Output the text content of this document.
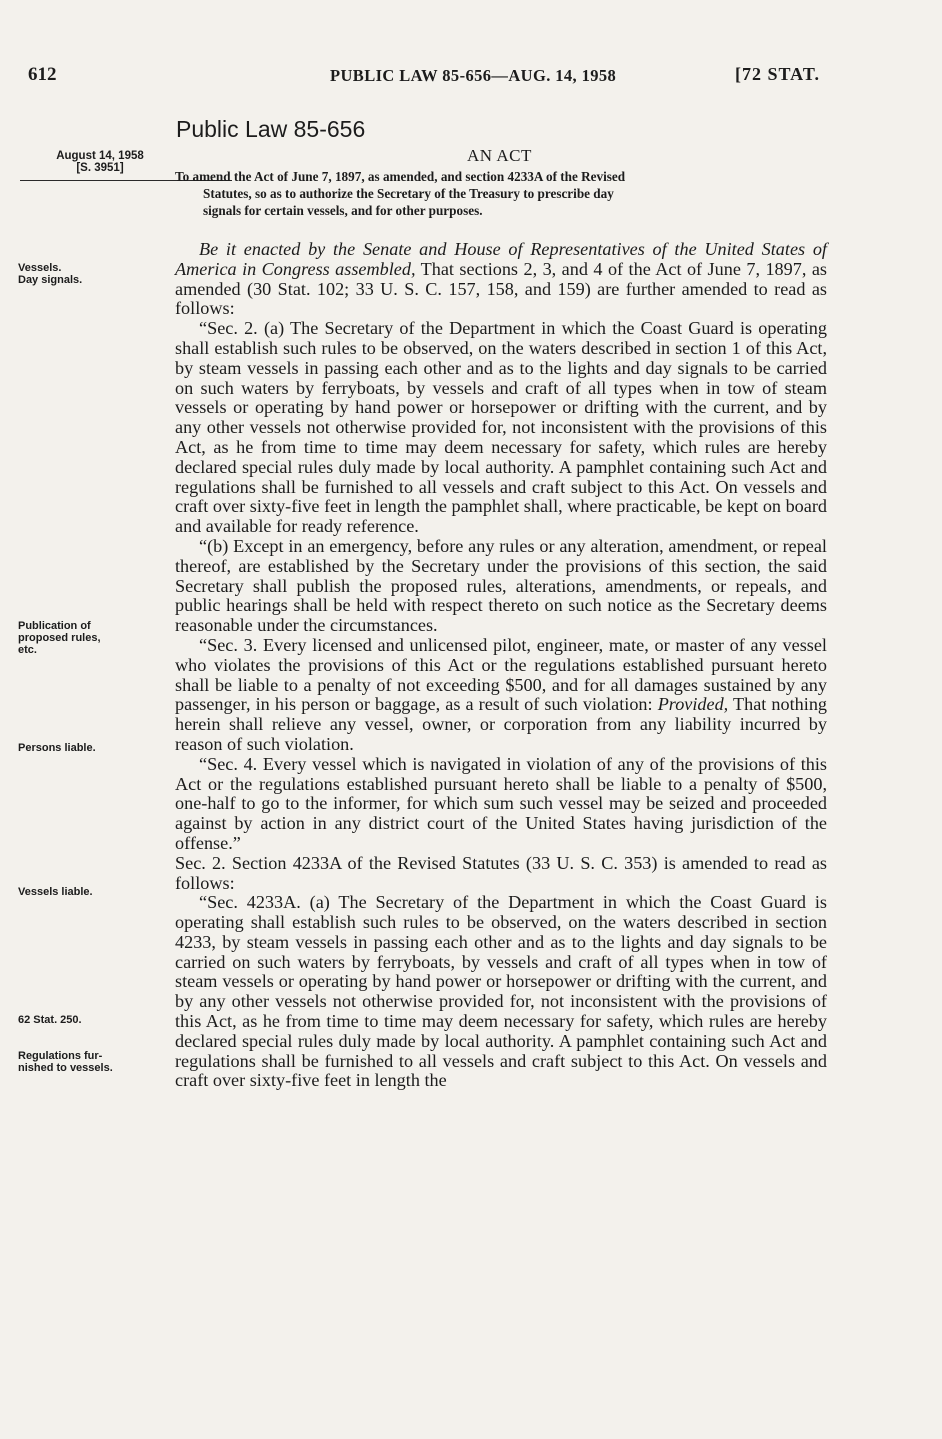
612	PUBLIC LAW 85-656—AUG. 14, 1958	[72 STAT.
Public Law 85-656
August 14, 1958
[S. 3951]
AN ACT
To amend the Act of June 7, 1897, as amended, and section 4233A of the Revised
Statutes, so as to authorize the Secretary of the Treasury to prescribe day
signals for certain vessels, and for other purposes.
Vessels.
Day signals.
Publication of
proposed rules,
etc.
Persons liable.
Vessels liable.
62 Stat. 250.
Regulations fur-
nished to vessels.

Be it enacted by the Senate and House of Representatives of the United States of America in Congress assembled, That sections 2, 3, and 4 of the Act of June 7, 1897, as amended (30 Stat. 102; 33 U. S. C. 157, 158, and 159) are further amended to read as follows:

“Sec. 2. (a) The Secretary of the Department in which the Coast Guard is operating shall establish such rules to be observed, on the waters described in section 1 of this Act, by steam vessels in passing each other and as to the lights and day signals to be carried on such waters by ferryboats, by vessels and craft of all types when in tow of steam vessels or operating by hand power or horsepower or drifting with the current, and by any other vessels not otherwise provided for, not inconsistent with the provisions of this Act, as he from time to time may deem necessary for safety, which rules are hereby declared special rules duly made by local authority. A pamphlet containing such Act and regulations shall be furnished to all vessels and craft subject to this Act. On vessels and craft over sixty-five feet in length the pamphlet shall, where practicable, be kept on board and available for ready reference.

“(b) Except in an emergency, before any rules or any alteration, amendment, or repeal thereof, are established by the Secretary under the provisions of this section, the said Secretary shall publish the proposed rules, alterations, amendments, or repeals, and public hearings shall be held with respect thereto on such notice as the Secretary deems reasonable under the circumstances.

“Sec. 3. Every licensed and unlicensed pilot, engineer, mate, or master of any vessel who violates the provisions of this Act or the regulations established pursuant hereto shall be liable to a penalty of not exceeding $500, and for all damages sustained by any passenger, in his person or baggage, as a result of such violation: Provided, That nothing herein shall relieve any vessel, owner, or corporation from any liability incurred by reason of such violation.

“Sec. 4. Every vessel which is navigated in violation of any of the provisions of this Act or the regulations established pursuant hereto shall be liable to a penalty of $500, one-half to go to the informer, for which sum such vessel may be seized and proceeded against by action in any district court of the United States having jurisdiction of the offense.”

Sec. 2. Section 4233A of the Revised Statutes (33 U. S. C. 353) is amended to read as follows:

“Sec. 4233A. (a) The Secretary of the Department in which the Coast Guard is operating shall establish such rules to be observed, on the waters described in section 4233, by steam vessels in passing each other and as to the lights and day signals to be carried on such waters by ferryboats, by vessels and craft of all types when in tow of steam vessels or operating by hand power or horsepower or drifting with the current, and by any other vessels not otherwise provided for, not inconsistent with the provisions of this Act, as he from time to time may deem necessary for safety, which rules are hereby declared special rules duly made by local authority. A pamphlet containing such Act and regulations shall be furnished to all vessels and craft subject to this Act. On vessels and craft over sixty-five feet in length the
